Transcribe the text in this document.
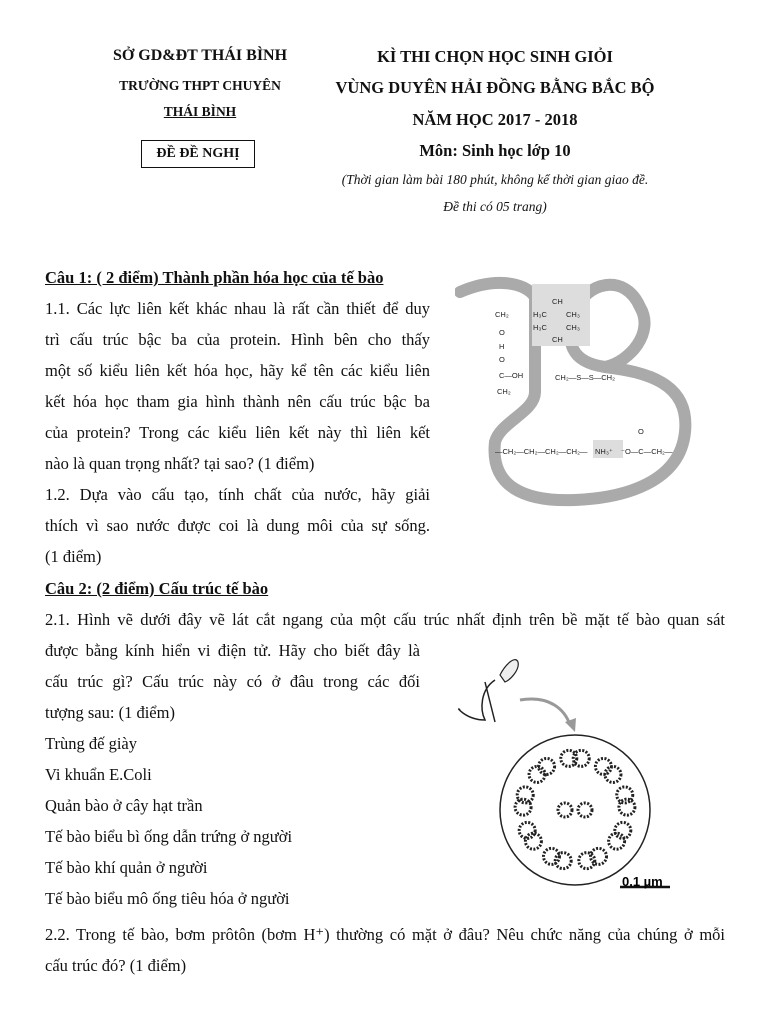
SỞ GD&ĐT THÁI BÌNH
TRƯỜNG THPT CHUYÊN
THÁI BÌNH
ĐỀ ĐỀ NGHỊ
KÌ THI CHỌN HỌC SINH GIỎI
VÙNG DUYÊN HẢI ĐỒNG BẰNG BẮC BỘ
NĂM HỌC 2017 - 2018
Môn: Sinh học lớp 10
(Thời gian làm bài 180 phút, không kể thời gian giao đề.
Đề thi có 05 trang)
Câu 1: ( 2 điểm) Thành phần hóa học của tế bào
1.1. Các lực liên kết khác nhau là rất cần thiết để duy
trì cấu trúc bậc ba của protein. Hình bên cho thấy
một số kiểu liên kết hóa học, hãy kể tên các kiểu liên
kết hóa học tham gia hình thành nên cấu trúc bậc ba
của protein? Trong các kiểu liên kết này thì liên kết
nào là quan trọng nhất? tại sao? (1 điểm)
1.2. Dựa vào cấu tạo, tính chất của nước, hãy giải
thích vì sao nước được coi là dung môi của sự sống.
(1 điểm)
CH₂
O
H
O
C—OH
CH₂
CH
H₃C	CH₃
H₃C	CH₃
CH
CH₂—S—S—CH₂
—CH₂—CH₂—CH₂—CH₂— NH₃⁺ ⁻O—C—CH₂—
O
Câu 2: (2 điểm) Cấu trúc tế bào
2.1. Hình vẽ dưới đây vẽ lát cắt ngang của một cấu trúc nhất định trên bề mặt tế bào quan sát
được bằng kính hiển vi điện tử. Hãy cho biết đây là
cấu trúc gì? Cấu trúc này có ở đâu trong các đối
tượng sau: (1 điểm)
Trùng đế giày
Vi khuẩn E.Coli
Quản bào ở cây hạt trần
Tế bào biểu bì ống dẫn trứng ở người
Tế bào khí quản ở người
Tế bào biểu mô ống tiêu hóa ở người
2.2. Trong tế bào, bơm prôtôn (bơm H⁺) thường có mặt ở đâu? Nêu chức năng của chúng ở mỗi
cấu trúc đó? (1 điểm)
0.1 µm
